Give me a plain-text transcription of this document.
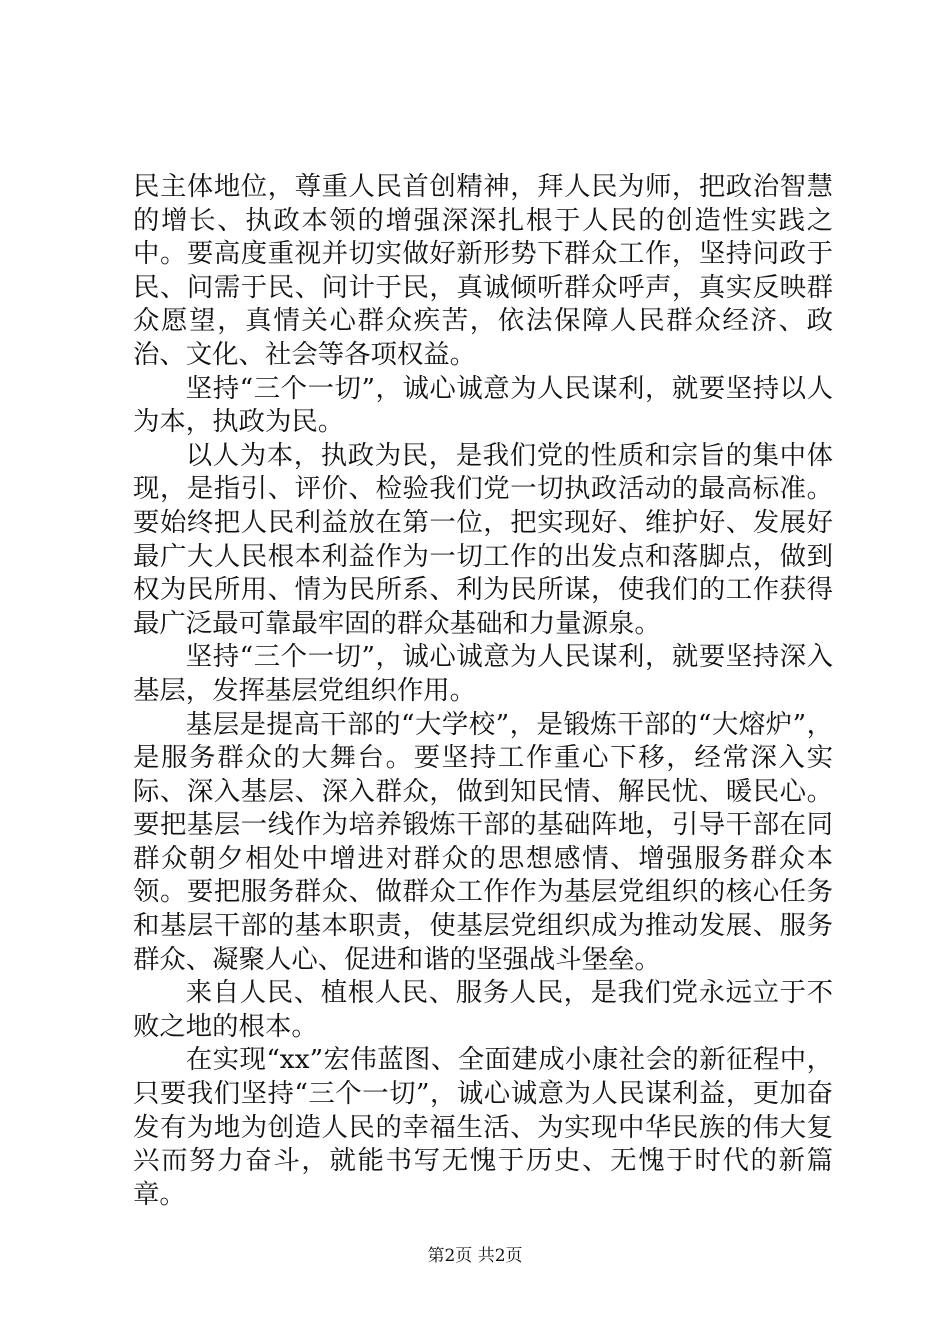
民主体地位，尊重人民首创精神，拜人民为师，把政治智慧的增长、执政本领的增强深深扎根于人民的创造性实践之中。要高度重视并切实做好新形势下群众工作，坚持问政于民、问需于民、问计于民，真诚倾听群众呼声，真实反映群众愿望，真情关心群众疾苦，依法保障人民群众经济、政治、文化、社会等各项权益。

坚持“三个一切”，诚心诚意为人民谋利，就要坚持以人为本，执政为民。

以人为本，执政为民，是我们党的性质和宗旨的集中体现，是指引、评价、检验我们党一切执政活动的最高标准。要始终把人民利益放在第一位，把实现好、维护好、发展好最广大人民根本利益作为一切工作的出发点和落脚点，做到权为民所用、情为民所系、利为民所谋，使我们的工作获得最广泛最可靠最牢固的群众基础和力量源泉。

坚持“三个一切”，诚心诚意为人民谋利，就要坚持深入基层，发挥基层党组织作用。

基层是提高干部的“大学校”，是锻炼干部的“大熔炉”，是服务群众的大舞台。要坚持工作重心下移，经常深入实际、深入基层、深入群众，做到知民情、解民忧、暖民心。要把基层一线作为培养锻炼干部的基础阵地，引导干部在同群众朝夕相处中增进对群众的思想感情、增强服务群众本领。要把服务群众、做群众工作作为基层党组织的核心任务和基层干部的基本职责，使基层党组织成为推动发展、服务群众、凝聚人心、促进和谐的坚强战斗堡垒。

来自人民、植根人民、服务人民，是我们党永远立于不败之地的根本。

在实现“xx”宏伟蓝图、全面建成小康社会的新征程中，只要我们坚持“三个一切”，诚心诚意为人民谋利益，更加奋发有为地为创造人民的幸福生活、为实现中华民族的伟大复兴而努力奋斗，就能书写无愧于历史、无愧于时代的新篇章。

第2页 共2页
